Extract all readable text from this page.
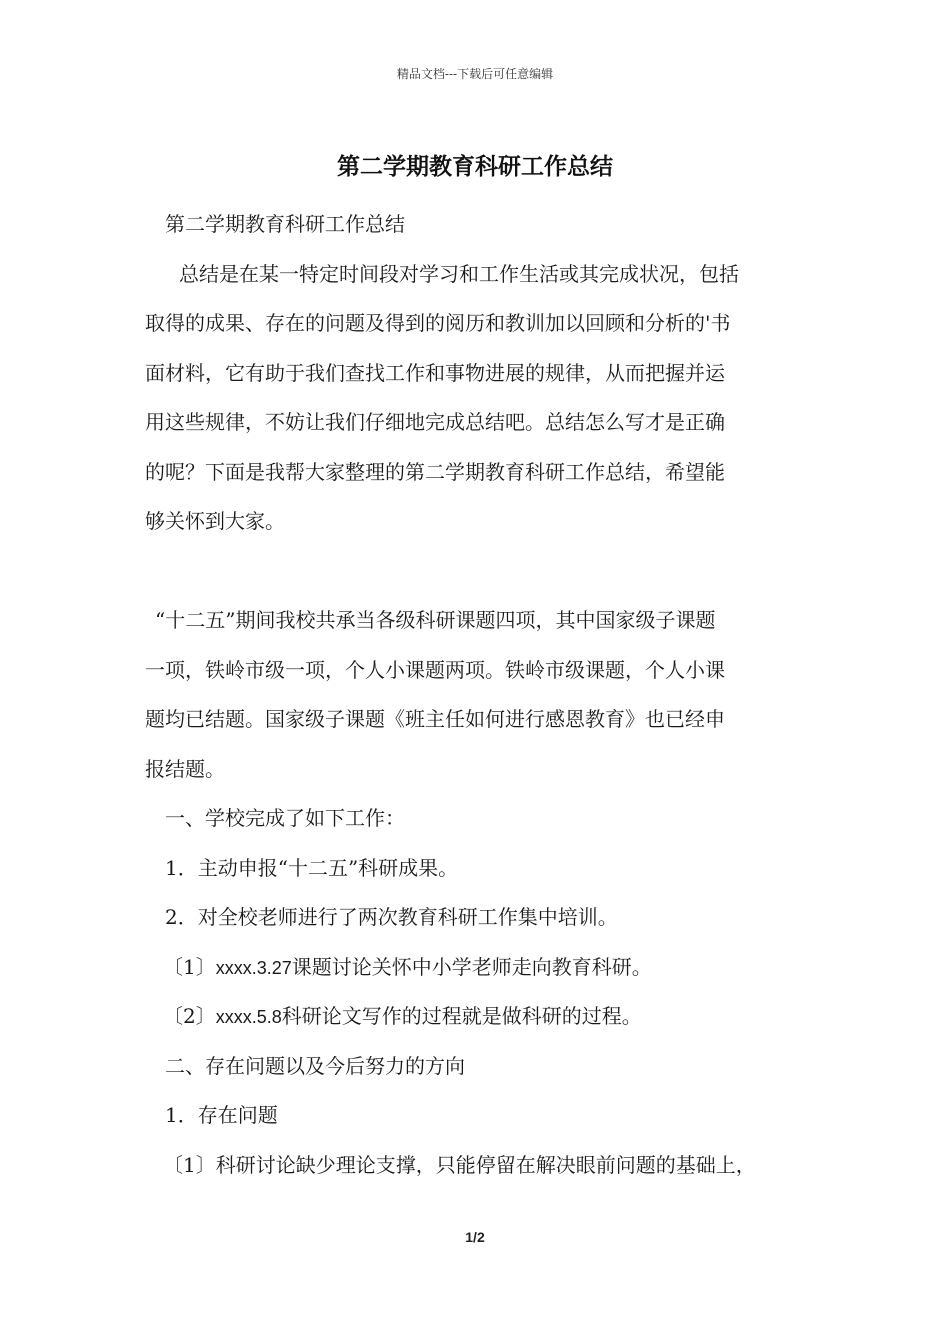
精品文档---下载后可任意编辑
第二学期教育科研工作总结
第二学期教育科研工作总结
总结是在某一特定时间段对学习和工作生活或其完成状况，包括
取得的成果、存在的问题及得到的阅历和教训加以回顾和分析的'书
面材料，它有助于我们查找工作和事物进展的规律，从而把握并运
用这些规律，不妨让我们仔细地完成总结吧。总结怎么写才是正确
的呢？下面是我帮大家整理的第二学期教育科研工作总结，希望能
够关怀到大家。
“十二五”期间我校共承当各级科研课题四项，其中国家级子课题
一项，铁岭市级一项，个人小课题两项。铁岭市级课题，个人小课
题均已结题。国家级子课题《班主任如何进行感恩教育》也已经申
报结题。
一、学校完成了如下工作：
1．主动申报“十二五”科研成果。
2．对全校老师进行了两次教育科研工作集中培训。
〔1〕xxxx.3.27课题讨论关怀中小学老师走向教育科研。
〔2〕xxxx.5.8科研论文写作的过程就是做科研的过程。
二、存在问题以及今后努力的方向
1．存在问题
〔1〕科研讨论缺少理论支撑，只能停留在解决眼前问题的基础上，
1/2
